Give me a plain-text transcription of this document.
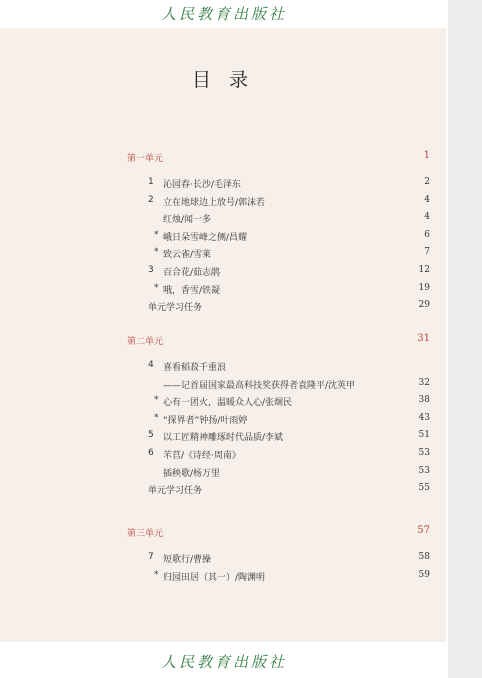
人民教育出版社
目 录
第一单元	1
1 沁园春·长沙/毛泽东	2
2 立在地球边上放号/郭沫若	4
红烛/闻一多	4
* 峨日朵雪峰之侧/昌耀	6
* 致云雀/雪莱	7
3 百合花/茹志鹃	12
* 哦，香雪/铁凝	19
单元学习任务	29
第二单元	31
4 喜看稻菽千重浪
——记首届国家最高科技奖获得者袁隆平/沈英甲	32
* 心有一团火，温暖众人心/张炯民	38
* “探界者”钟扬/叶雨婷	43
5 以工匠精神雕琢时代品质/李斌	51
6 芣苢/《诗经·周南》	53
插秧歌/杨万里	53
单元学习任务	55
第三单元	57
7 短歌行/曹操	58
* 归园田居（其一）/陶渊明	59
人民教育出版社
